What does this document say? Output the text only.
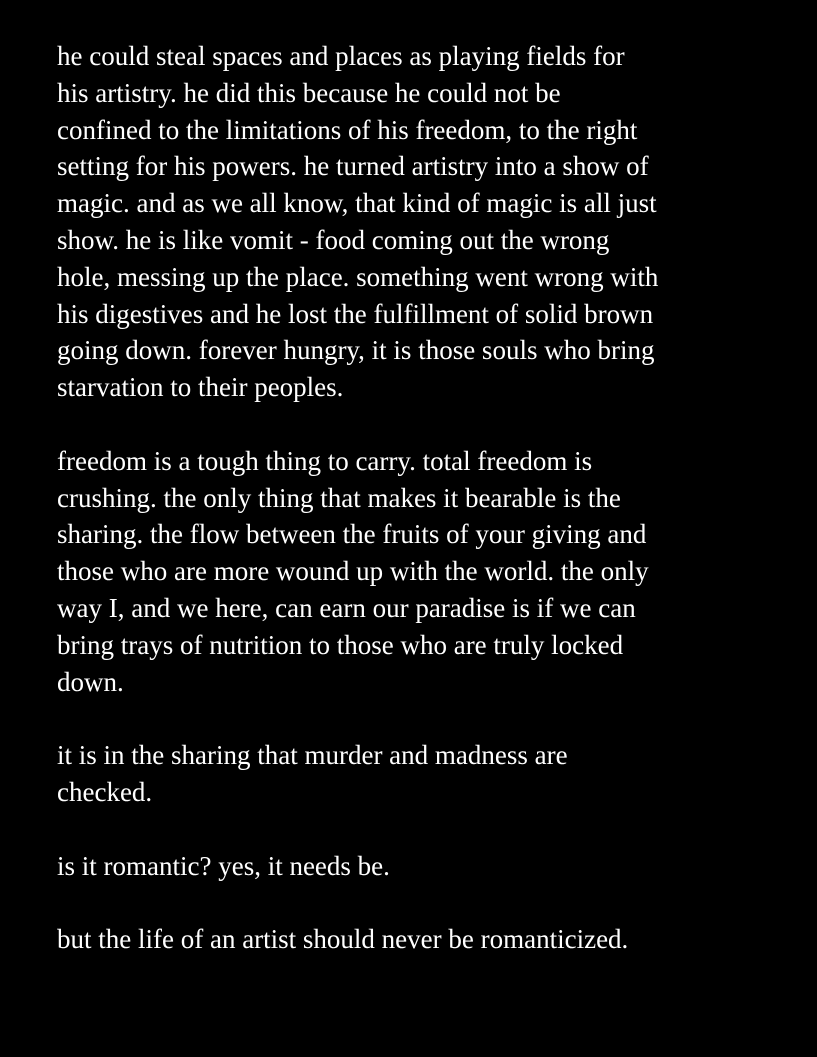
he could steal spaces and places as playing fields for
his artistry. he did this because he could not be
confined to the limitations of his freedom, to the right
setting for his powers. he turned artistry into a show of
magic. and as we all know, that kind of magic is all just
show. he is like vomit - food coming out the wrong
hole, messing up the place. something went wrong with
his digestives and he lost the fulfillment of solid brown
going down. forever hungry, it is those souls who bring
starvation to their peoples.

freedom is a tough thing to carry. total freedom is
crushing. the only thing that makes it bearable is the
sharing. the flow between the fruits of your giving and
those who are more wound up with the world. the only
way I, and we here, can earn our paradise is if we can
bring trays of nutrition to those who are truly locked
down.

it is in the sharing that murder and madness are
checked.

is it romantic? yes, it needs be.

but the life of an artist should never be romanticized.
